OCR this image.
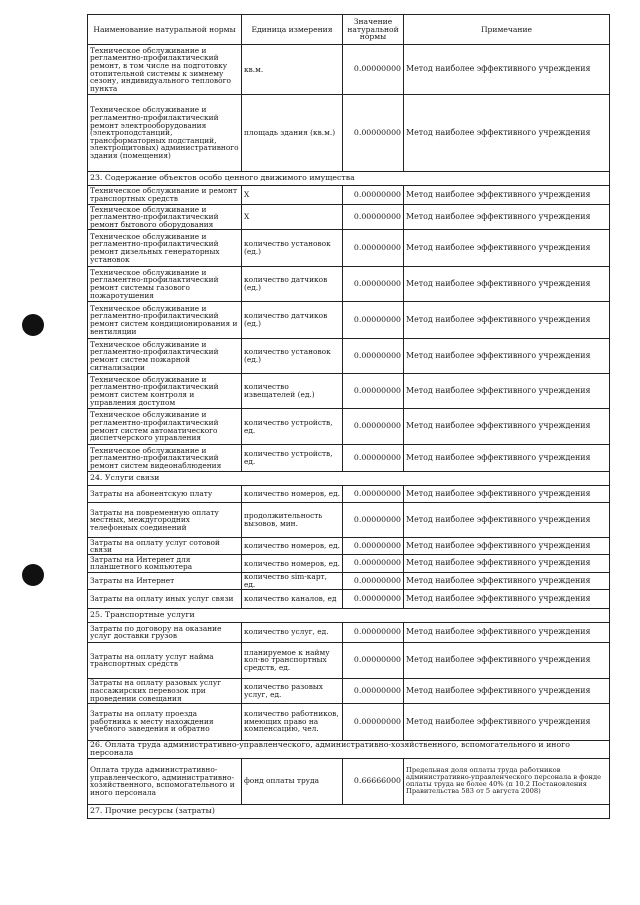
Наименование натуральной нормы	Единица измерения	Значение натуральной нормы	Примечание
Техническое обслуживание и регламентно-профилактический ремонт, в том числе на подготовку отопительной системы к зимнему сезону, индивидуального теплового пункта	кв.м.	0.00000000	Метод наиболее эффективного учреждения
Техническое обслуживание и регламентно-профилактический ремонт электрооборудования (электроподстанций, трансформаторных подстанций, электрощитовых) административного здания (помещения)	площадь здания (кв.м.)	0.00000000	Метод наиболее эффективного учреждения
23. Содержание объектов особо ценного движимого имущества			
Техническое обслуживание и ремонт транспортных средств	X	0.00000000	Метод наиболее эффективного учреждения
Техническое обслуживание и регламентно-профилактический ремонт бытового оборудования	X	0.00000000	Метод наиболее эффективного учреждения
Техническое обслуживание и регламентно-профилактический ремонт дизельных генераторных установок	количество установок (ед.)	0.00000000	Метод наиболее эффективного учреждения
Техническое обслуживание и регламентно-профилактический ремонт системы газового пожаротушения	количество датчиков (ед.)	0.00000000	Метод наиболее эффективного учреждения
Техническое обслуживание и регламентно-профилактический ремонт систем кондиционирования и вентиляции	количество датчиков (ед.)	0.00000000	Метод наиболее эффективного учреждения
Техническое обслуживание и регламентно-профилактический ремонт систем пожарной сигнализации	количество установок (ед.)	0.00000000	Метод наиболее эффективного учреждения
Техническое обслуживание и регламентно-профилактический ремонт систем контроля и управления доступом	количество извещателей (ед.)	0.00000000	Метод наиболее эффективного учреждения
Техническое обслуживание и регламентно-профилактический ремонт систем автоматического диспетчерского управления	количество устройств, ед.	0.00000000	Метод наиболее эффективного учреждения
Техническое обслуживание и регламентно-профилактический ремонт систем видеонаблюдения	количество устройств, ед.	0.00000000	Метод наиболее эффективного учреждения
24. Услуги связи			
Затраты на абонентскую плату	количество номеров, ед.	0.00000000	Метод наиболее эффективного учреждения
Затраты на повременную оплату местных, междугородних телефонных соединений	продолжительность вызовов, мин.	0.00000000	Метод наиболее эффективного учреждения
Затраты на оплату услуг сотовой связи	количество номеров, ед.	0.00000000	Метод наиболее эффективного учреждения
Затраты на Интернет для планшетного компьютера	количество номеров, ед.	0.00000000	Метод наиболее эффективного учреждения
Затраты на Интернет	количество sim-карт, ед.	0.00000000	Метод наиболее эффективного учреждения
Затраты на оплату иных услуг связи	количество каналов, ед	0.00000000	Метод наиболее эффективного учреждения
25. Транспортные услуги			
Затраты по договору на оказание услуг доставки грузов	количество услуг, ед.	0.00000000	Метод наиболее эффективного учреждения
Затраты на оплату услуг найма транспортных средств	планируемое к найму кол-во транспортных средств, ед.	0.00000000	Метод наиболее эффективного учреждения
Затраты на оплату разовых услуг пассажирских перевозок при проведении совещания	количество разовых услуг, ед.	0.00000000	Метод наиболее эффективного учреждения
Затраты на оплату проезда работника к месту нахождения учебного заведения и обратно	количество работников, имеющих право на компенсацию, чел.	0.00000000	Метод наиболее эффективного учреждения
26. Оплата труда административно-управленческого, административно-хозяйственного, вспомогательного и иного персонала			
Оплата труда административно-управленческого, административно-хозяйственного, вспомогательного и иного персонала	фонд оплаты труда	0.66666000	Предельная доля оплаты труда работников административно-управленческого персонала в фонде оплаты труда не более 40% (п 10.2 Постановления Правительства 583 от 5 августа 2008)
27. Прочие ресурсы (затраты)			
